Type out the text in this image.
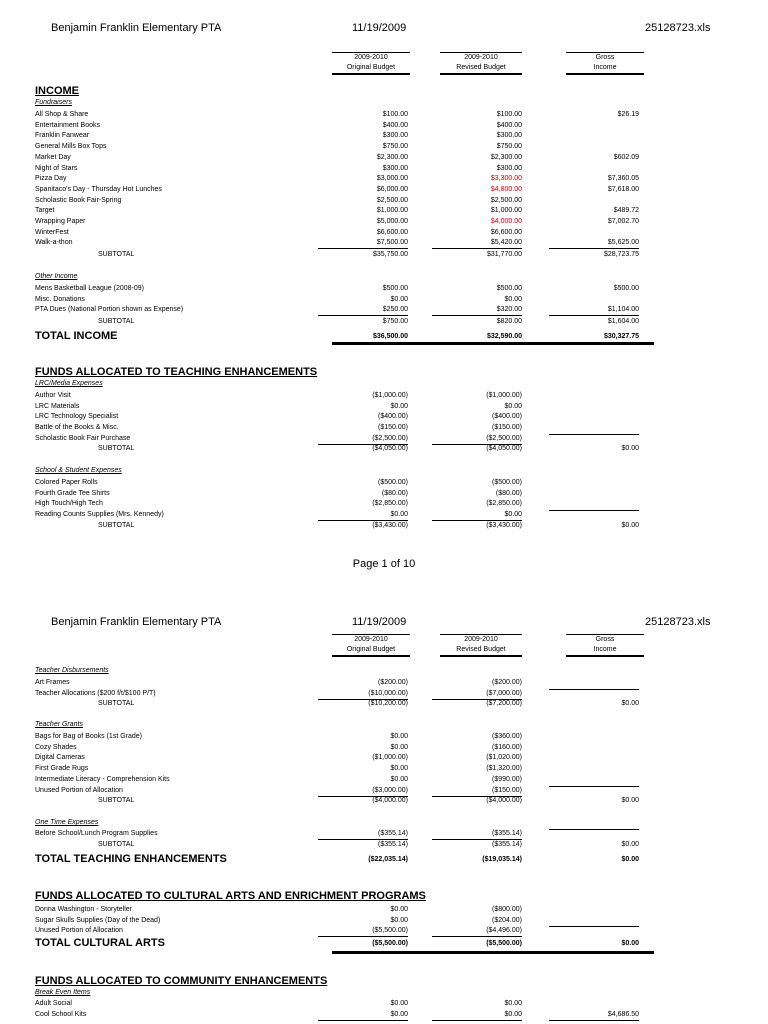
Benjamin Franklin Elementary PTA	11/19/2009	25128723.xls
2009-2010
Original Budget
2009-2010
Revised Budget
Gross
Income
INCOME
Fundraisers
All Shop & Share	$100.00	$100.00	$26.19
Entertainment Books	$400.00	$400.00
Franklin Fanwear	$300.00	$300.00
General Mills Box Tops	$750.00	$750.00
Market Day	$2,300.00	$2,300.00	$602.09
Night of Stars	$300.00	$300.00
Pizza Day	$3,000.00	$3,300.00	$7,360.05
Spanitaco's Day - Thursday Hot Lunches	$6,000.00	$4,800.00	$7,618.00
Scholastic Book Fair-Spring	$2,500.00	$2,500.00
Target	$1,000.00	$1,000.00	$489.72
Wrapping Paper	$5,000.00	$4,000.00	$7,002.70
WinterFest	$6,600.00	$6,600.00
Walk-a-thon	$7,500.00	$5,420.00	$5,625.00
SUBTOTAL	$35,750.00	$31,770.00	$28,723.75
Other Income
Mens Basketball League (2008-09)	$500.00	$500.00	$500.00
Misc. Donations	$0.00	$0.00
PTA Dues (National Portion shown as Expense)	$250.00	$320.00	$1,104.00
SUBTOTAL	$750.00	$820.00	$1,604.00
TOTAL INCOME	$36,500.00	$32,590.00	$30,327.75
FUNDS ALLOCATED TO TEACHING ENHANCEMENTS
LRC/Media Expenses
Author Visit	($1,000.00)	($1,000.00)
LRC Materials	$0.00	$0.00
LRC Technology Specialist	($400.00)	($400.00)
Battle of the Books & Misc.	($150.00)	($150.00)
Scholastic Book Fair Purchase	($2,500.00)	($2,500.00)
SUBTOTAL	($4,050.00)	($4,050.00)	$0.00
School & Student Expenses
Colored Paper Rolls	($500.00)	($500.00)
Fourth Grade Tee Shirts	($80.00)	($80.00)
High Touch/High Tech	($2,850.00)	($2,850.00)
Reading Counts Supplies (Mrs. Kennedy)	$0.00	$0.00
SUBTOTAL	($3,430.00)	($3,430.00)	$0.00
Page 1 of 10
Benjamin Franklin Elementary PTA	11/19/2009	25128723.xls
2009-2010
Original Budget
2009-2010
Revised Budget
Gross
Income
Teacher Disbursements
Art Frames	($200.00)	($200.00)
Teacher Allocations ($200 f/t/$100 P/T)	($10,000.00)	($7,000.00)
SUBTOTAL	($10,200.00)	($7,200.00)	$0.00
Teacher Grants
Bags for Bag of Books (1st Grade)	$0.00	($360.00)
Cozy Shades	$0.00	($160.00)
Digital Cameras	($1,000.00)	($1,020.00)
First Grade Rugs	$0.00	($1,320.00)
Intermediate Literacy - Comprehension Kits	$0.00	($990.00)
Unused Portion of Allocation	($3,000.00)	($150.00)
SUBTOTAL	($4,000.00)	($4,000.00)	$0.00
One Time Expenses
Before School/Lunch Program Supplies	($355.14)	($355.14)
SUBTOTAL	($355.14)	($355.14)	$0.00
TOTAL TEACHING ENHANCEMENTS	($22,035.14)	($19,035.14)	$0.00
FUNDS ALLOCATED TO CULTURAL ARTS AND ENRICHMENT PROGRAMS
Donna Washington - Storyteller	$0.00	($800.00)
Sugar Skulls Supplies (Day of the Dead)	$0.00	($204.00)
Unused Portion of Allocation	($5,500.00)	($4,496.00)
TOTAL CULTURAL ARTS	($5,500.00)	($5,500.00)	$0.00
FUNDS ALLOCATED TO COMMUNITY ENHANCEMENTS
Break Even Items
Adult Social	$0.00	$0.00
Cool School Kits	$0.00	$0.00	$4,686.50
